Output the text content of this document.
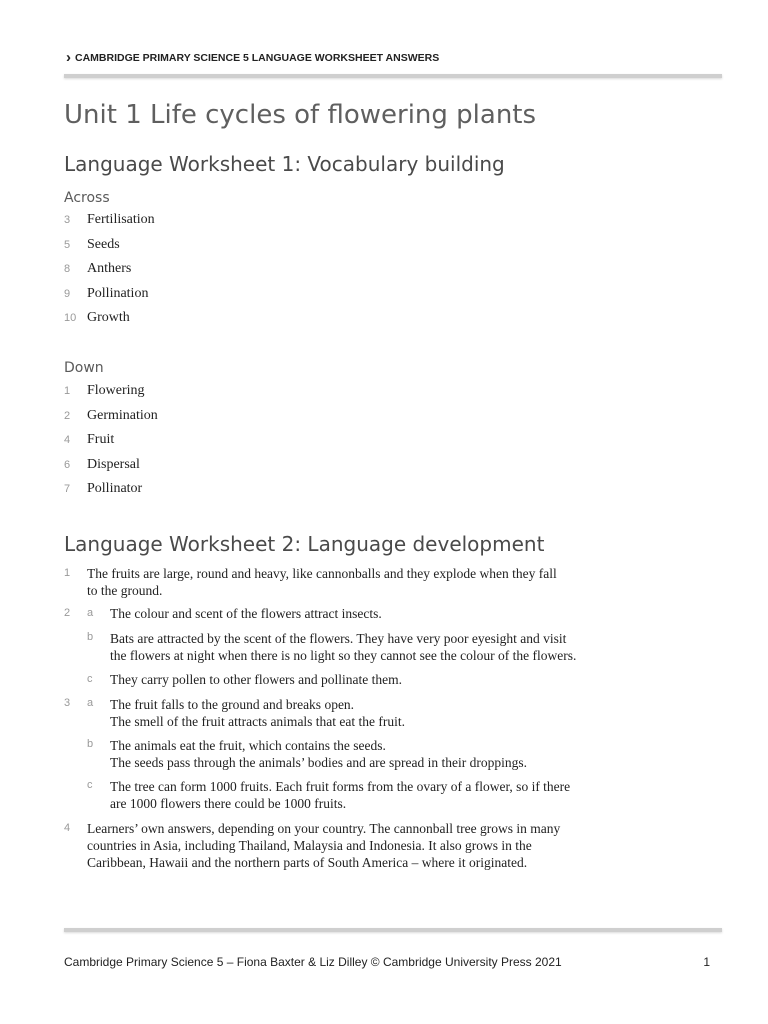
› CAMBRIDGE PRIMARY SCIENCE 5 LANGUAGE WORKSHEET ANSWERS
Unit 1 Life cycles of flowering plants
Language Worksheet 1: Vocabulary building
Across
3	Fertilisation
5	Seeds
8	Anthers
9	Pollination
10 Growth
Down
1	Flowering
2	Germination
4	Fruit
6	Dispersal
7	Pollinator
Language Worksheet 2: Language development
1 The fruits are large, round and heavy, like cannonballs and they explode when they fall
to the ground.
2 a The colour and scent of the flowers attract insects.
b Bats are attracted by the scent of the flowers. They have very poor eyesight and visit
the flowers at night when there is no light so they cannot see the colour of the flowers.
c They carry pollen to other flowers and pollinate them.
3 a The fruit falls to the ground and breaks open.
The smell of the fruit attracts animals that eat the fruit.
b The animals eat the fruit, which contains the seeds.
The seeds pass through the animals’ bodies and are spread in their droppings.
c The tree can form 1000 fruits. Each fruit forms from the ovary of a flower, so if there
are 1000 flowers there could be 1000 fruits.
4 Learners’ own answers, depending on your country. The cannonball tree grows in many
countries in Asia, including Thailand, Malaysia and Indonesia. It also grows in the
Caribbean, Hawaii and the northern parts of South America – where it originated.
Cambridge Primary Science 5 – Fiona Baxter & Liz Dilley © Cambridge University Press 2021	1
